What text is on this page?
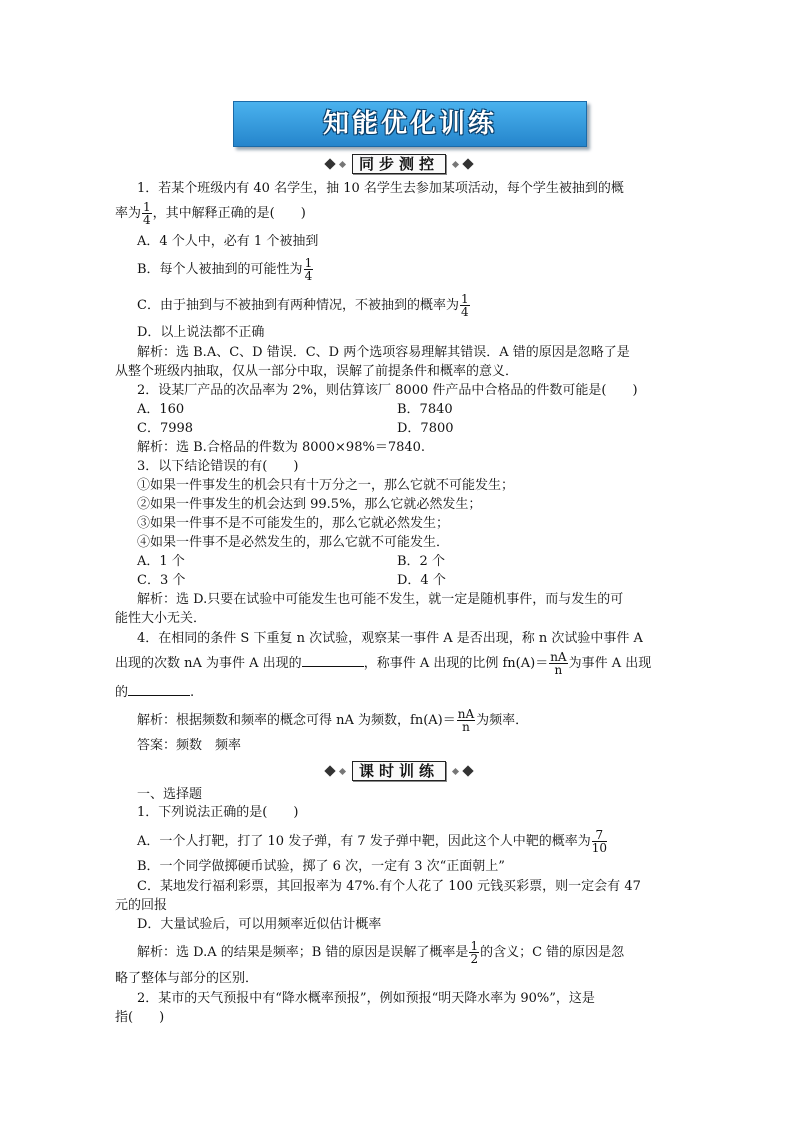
知能优化训练
同步测控
1．若某个班级内有 40 名学生，抽 10 名学生去参加某项活动，每个学生被抽到的概
率为 $\frac{1}{4}$ ，其中解释正确的是(　　)
A．4 个人中，必有 1 个被抽到
B．每个人被抽到的可能性为 $\frac{1}{4}$
C．由于抽到与不被抽到有两种情况，不被抽到的概率为 $\frac{1}{4}$
D．以上说法都不正确
解析：选 B.A、C、D 错误．C、D 两个选项容易理解其错误．A 错的原因是忽略了是
从整个班级内抽取，仅从一部分中取，误解了前提条件和概率的意义．
2．设某厂产品的次品率为 2%，则估算该厂 8000 件产品中合格品的件数可能是(　　)
A．160	B．7840
C．7998	D．7800
解析：选 B.合格品的件数为 8000×98%＝7840.
3．以下结论错误的有(　　)
①如果一件事发生的机会只有十万分之一，那么它就不可能发生；
②如果一件事发生的机会达到 99.5%，那么它就必然发生；
③如果一件事不是不可能发生的，那么它就必然发生；
④如果一件事不是必然发生的，那么它就不可能发生．
A．1 个	B．2 个
C．3 个	D．4 个
解析：选 D.只要在试验中可能发生也可能不发生，就一定是随机事件，而与发生的可
能性大小无关．
4．在相同的条件 S 下重复 n 次试验，观察某一事件 A 是否出现，称 n 次试验中事件 A
出现的次数 nA 为事件 A 出现的	，称事件 A 出现的比例 $fn(A)= \frac{nA}{n}$ 为事件 A 出现
的	.
解析：根据频数和频率的概念可得 nA 为频数，$fn(A)= \frac{nA}{n}$ 为频率．
答案：频数　频率
课时训练
一、选择题
1．下列说法正确的是(　　)
A．一个人打靶，打了 10 发子弹，有 7 发子弹中靶，因此这个人中靶的概率为 $\frac{7}{10}$
B．一个同学做掷硬币试验，掷了 6 次，一定有 3 次“正面朝上”
C．某地发行福利彩票，其回报率为 47%.有个人花了 100 元钱买彩票，则一定会有 47
元的回报
D．大量试验后，可以用频率近似估计概率
解析：选 D.A 的结果是频率；B 错的原因是误解了概率是 $\frac{1}{2}$ 的含义；C 错的原因是忽
略了整体与部分的区别．
2．某市的天气预报中有“降水概率预报”，例如预报“明天降水率为 90%”，这是
指(　　)
